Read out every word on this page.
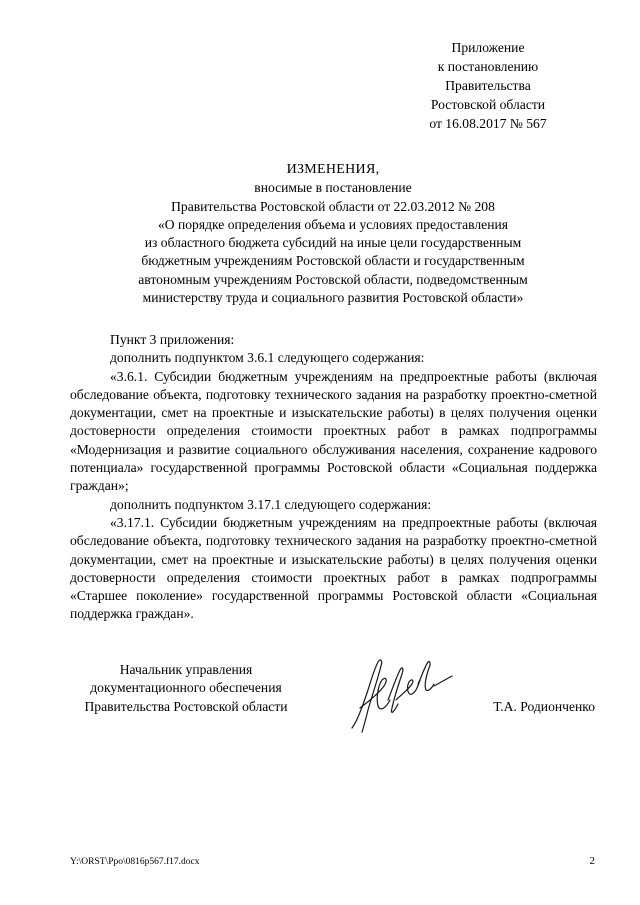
Приложение
к постановлению
Правительства
Ростовской области
от 16.08.2017 № 567
ИЗМЕНЕНИЯ,
вносимые в постановление
Правительства Ростовской области от 22.03.2012 № 208
«О порядке определения объема и условиях предоставления
из областного бюджета субсидий на иные цели государственным
бюджетным учреждениям Ростовской области и государственным
автономным учреждениям Ростовской области, подведомственным
министерству труда и социального развития Ростовской области»

Пункт 3 приложения:

дополнить подпунктом 3.6.1 следующего содержания:

«3.6.1. Субсидии бюджетным учреждениям на предпроектные работы (включая обследование объекта, подготовку технического задания на разработку проектно-сметной документации, смет на проектные и изыскательские работы) в целях получения оценки достоверности определения стоимости проектных работ в рамках подпрограммы «Модернизация и развитие социального обслуживания населения, сохранение кадрового потенциала» государственной программы Ростовской области «Социальная поддержка граждан»;

дополнить подпунктом 3.17.1 следующего содержания:

«3.17.1. Субсидии бюджетным учреждениям на предпроектные работы (включая обследование объекта, подготовку технического задания на разработку проектно-сметной документации, смет на проектные и изыскательские работы) в целях получения оценки достоверности определения стоимости проектных работ в рамках подпрограммы «Старшее поколение» государственной программы Ростовской области «Социальная поддержка граждан».

Начальник управления
документационного обеспечения
Правительства Ростовской области	Т.А. Родионченко
Y:\ORST\Ppo\0816p567.f17.docx	2
